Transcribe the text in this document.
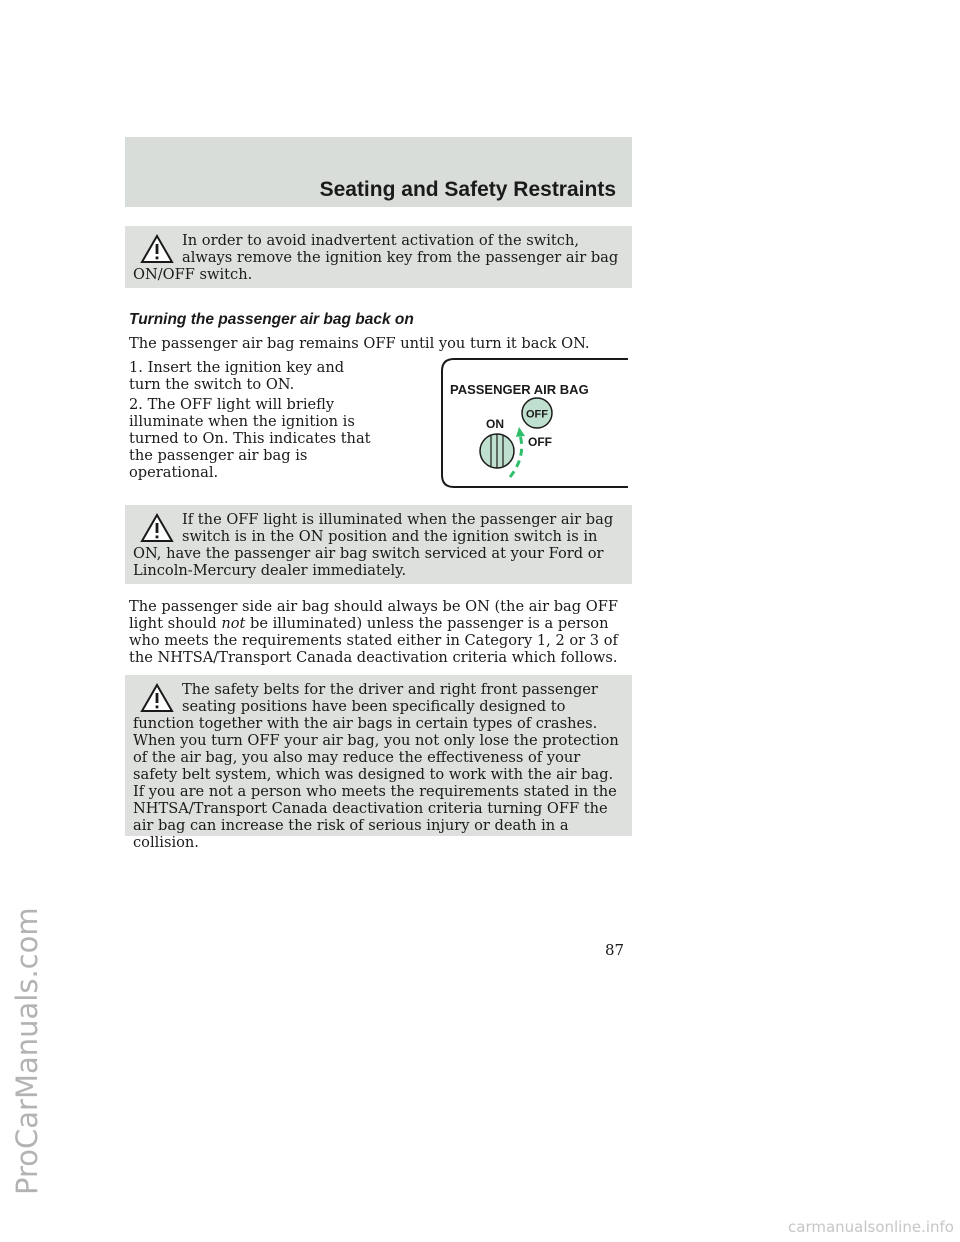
Seating and Safety Restraints

In order to avoid inadvertent activation of the switch, always remove the ignition key from the passenger air bag ON/OFF switch.

Turning the passenger air bag back on

The passenger air bag remains OFF until you turn it back ON.

1. Insert the ignition key and turn the switch to ON.

2. The OFF light will briefly illuminate when the ignition is turned to On. This indicates that the passenger air bag is operational.

PASSENGER AIR BAG
ON
OFF
OFF

If the OFF light is illuminated when the passenger air bag switch is in the ON position and the ignition switch is in ON, have the passenger air bag switch serviced at your Ford or Lincoln-Mercury dealer immediately.

The passenger side air bag should always be ON (the air bag OFF light should not be illuminated) unless the passenger is a person who meets the requirements stated either in Category 1, 2 or 3 of the NHTSA/Transport Canada deactivation criteria which follows.

The safety belts for the driver and right front passenger seating positions have been specifically designed to function together with the air bags in certain types of crashes. When you turn OFF your air bag, you not only lose the protection of the air bag, you also may reduce the effectiveness of your safety belt system, which was designed to work with the air bag. If you are not a person who meets the requirements stated in the NHTSA/Transport Canada deactivation criteria turning OFF the air bag can increase the risk of serious injury or death in a collision.

87
ProCarManuals.com
carmanualsonline.info
